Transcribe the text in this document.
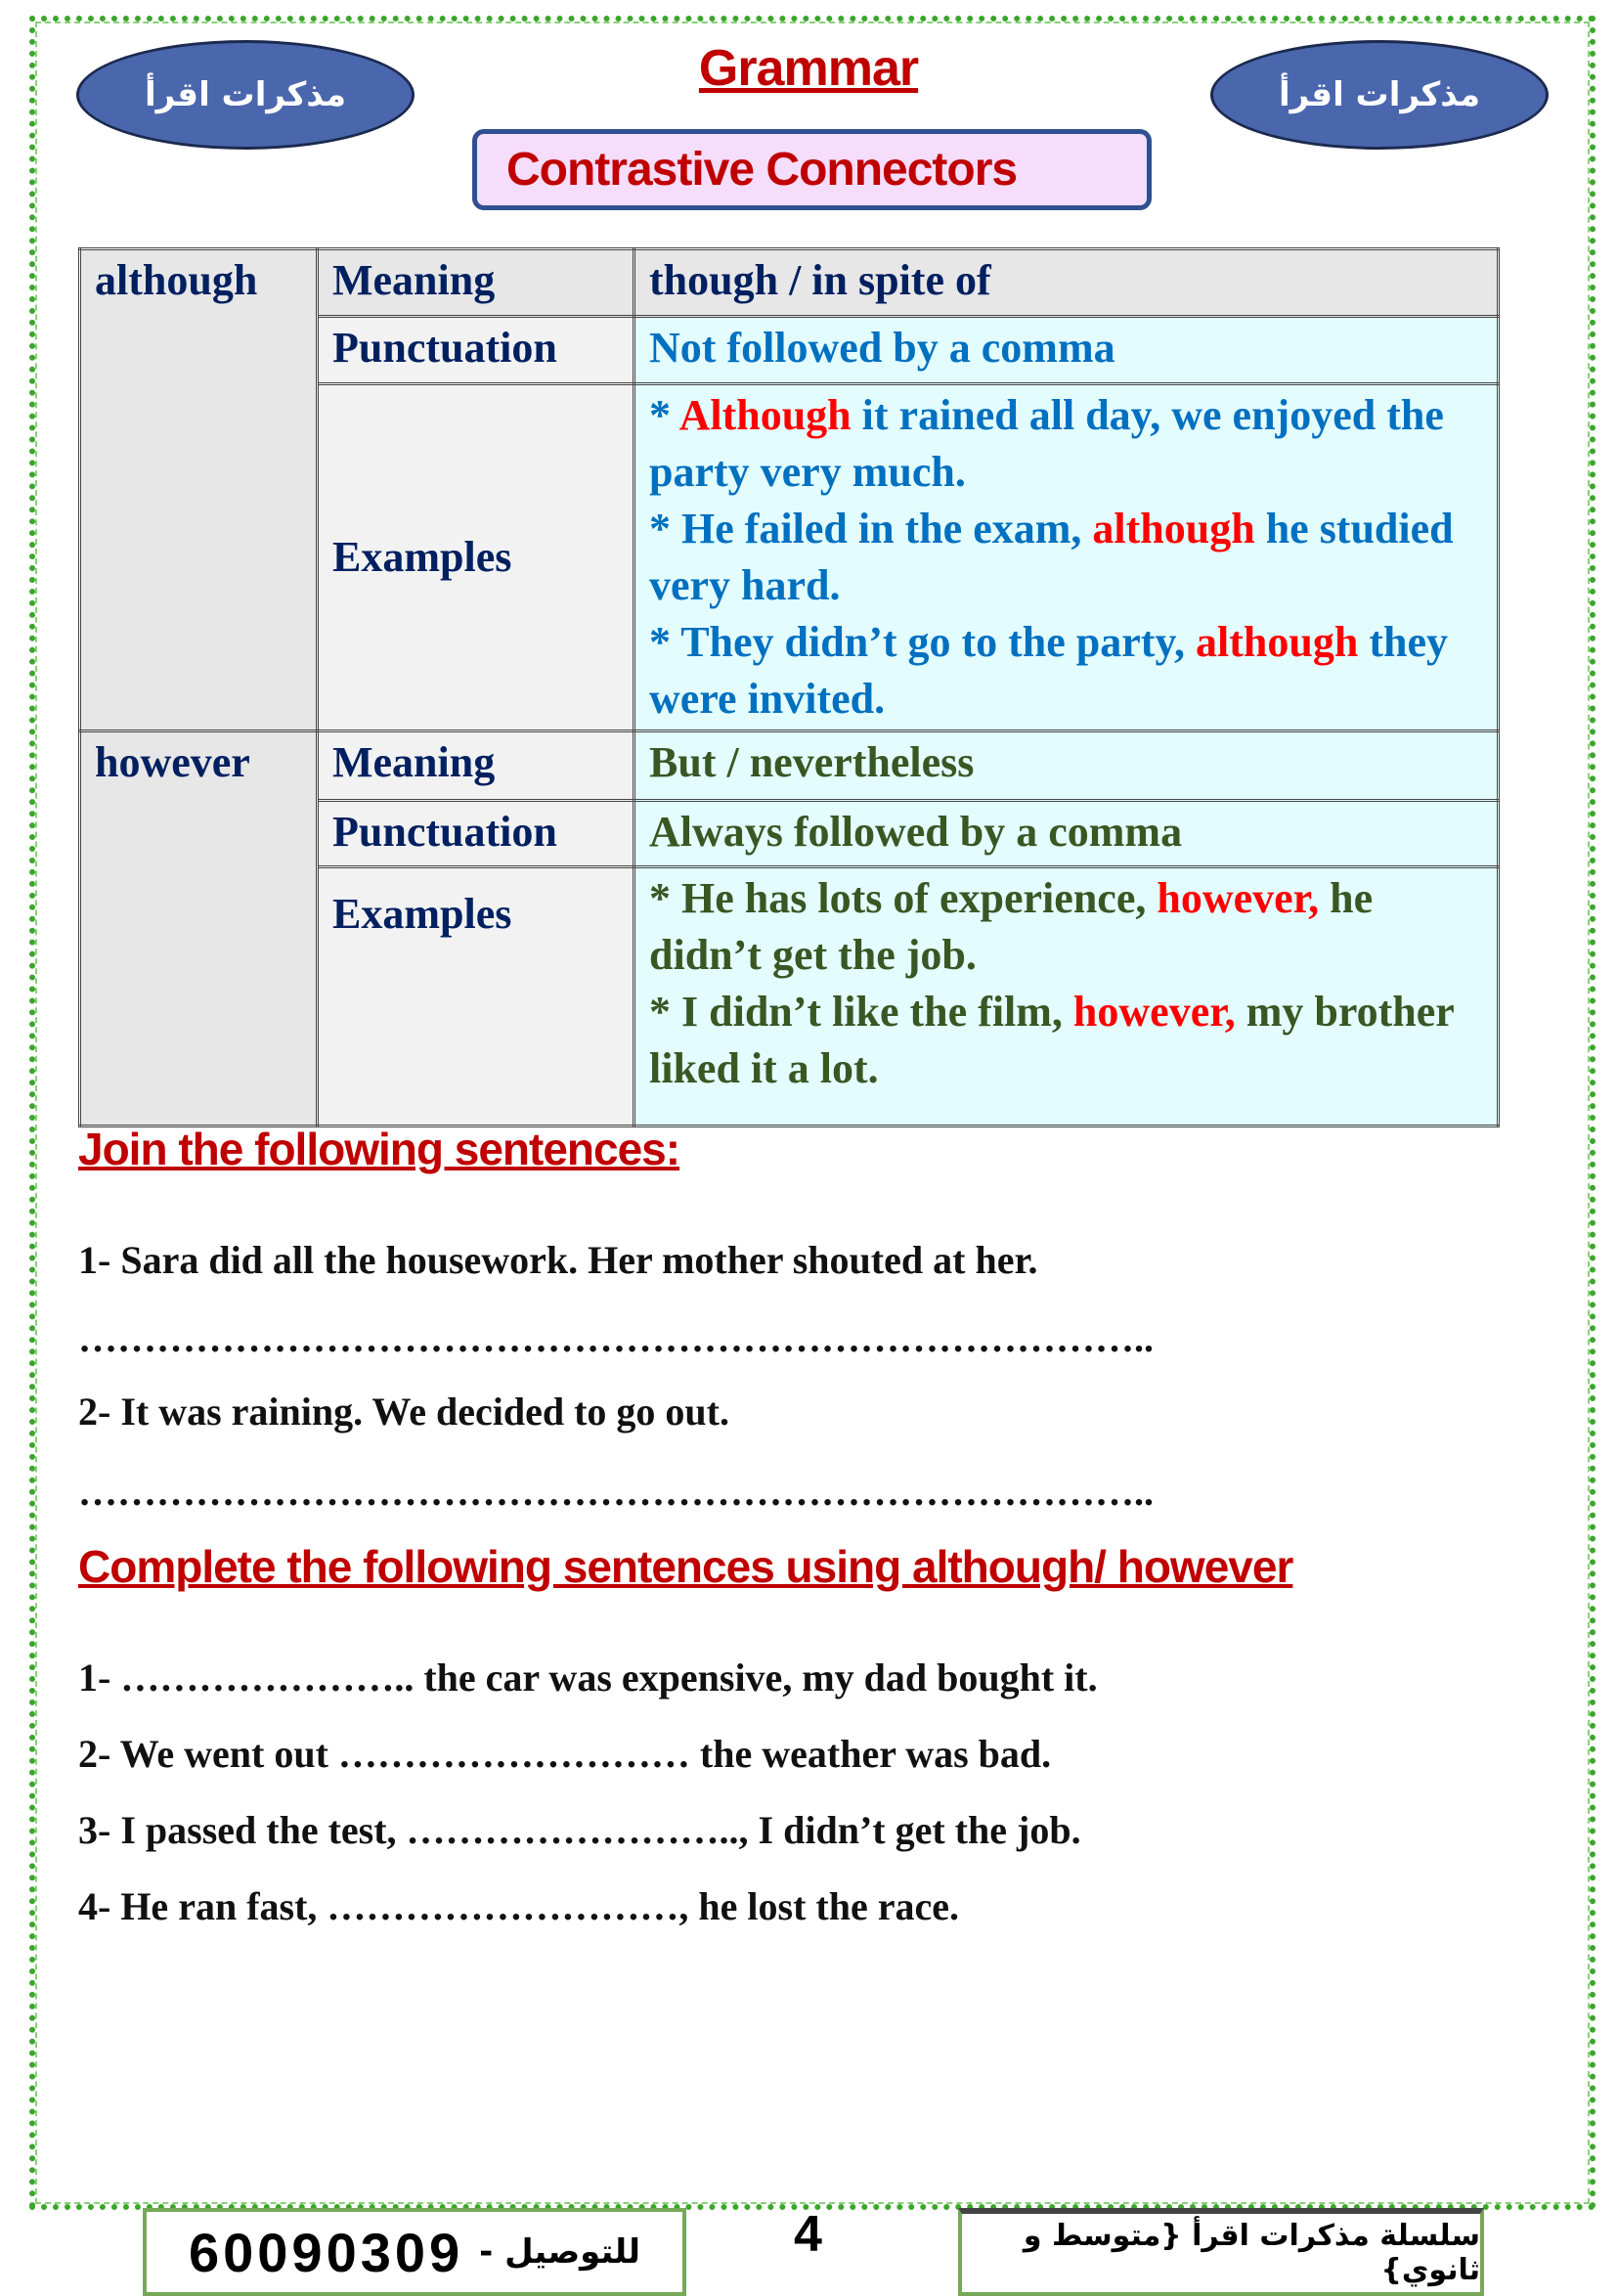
مذكرات اقرأ	مذكرات اقرأ
Grammar
Contrastive Connectors
although	Meaning	though / in spite of
	Punctuation	Not followed by a comma
	Examples	* Although it rained all day, we enjoyed the party very much.
* He failed in the exam, although he studied very hard.
* They didn’t go to the party, although they were invited.

however	Meaning	But / nevertheless
	Punctuation	Always followed by a comma
	Examples	* He has lots of experience, however, he didn’t get the job.
* I didn’t like the film, however, my brother liked it a lot.
Join the following sentences:
1- Sara did all the housework. Her mother shouted at her.
………………………………………………………………………..
2- It was raining. We decided to go out.
………………………………………………………………………..
Complete the following sentences using although/ however
1- ………………….. the car was expensive, my dad bought it.
2- We went out ……………………… the weather was bad.
3- I passed the test, …………………….., I didn’t get the job.
4- He ran fast, ………………………, he lost the race.
60090309 للتوصيل -	4	سلسلة مذكرات اقرأ {متوسط و ثانوي}
